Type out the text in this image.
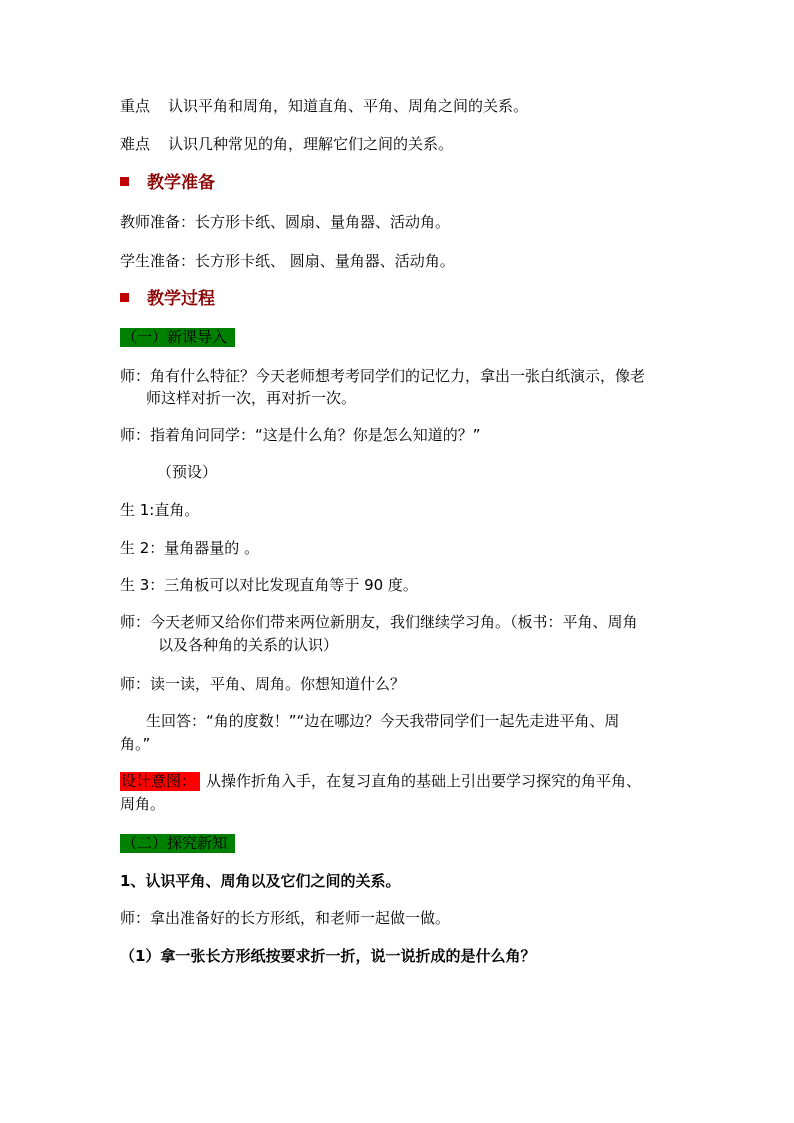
重点 认识平角和周角，知道直角、平角、周角之间的关系。
难点 认识几种常见的角，理解它们之间的关系。
教学准备
教师准备：长方形卡纸、圆扇、量角器、活动角。
学生准备：长方形卡纸、 圆扇、量角器、活动角。
教学过程
（一）新课导入
师：角有什么特征？今天老师想考考同学们的记忆力，拿出一张白纸演示，像老
师这样对折一次，再对折一次。
师：指着角问同学：“这是什么角？你是怎么知道的？”
（预设）
生 1:直角。
生 2：量角器量的 。
生 3：三角板可以对比发现直角等于 90 度。
师：今天老师又给你们带来两位新朋友，我们继续学习角。（板书：平角、周角
以及各种角的关系的认识）
师：读一读，平角、周角。你想知道什么？
生回答：“角的度数！”“边在哪边？今天我带同学们一起先走进平角、周
角。”
设计意图： 从操作折角入手，在复习直角的基础上引出要学习探究的角平角、
周角。
（二）探究新知
1、认识平角、周角以及它们之间的关系。
师：拿出准备好的长方形纸，和老师一起做一做。
（1）拿一张长方形纸按要求折一折，说一说折成的是什么角？
